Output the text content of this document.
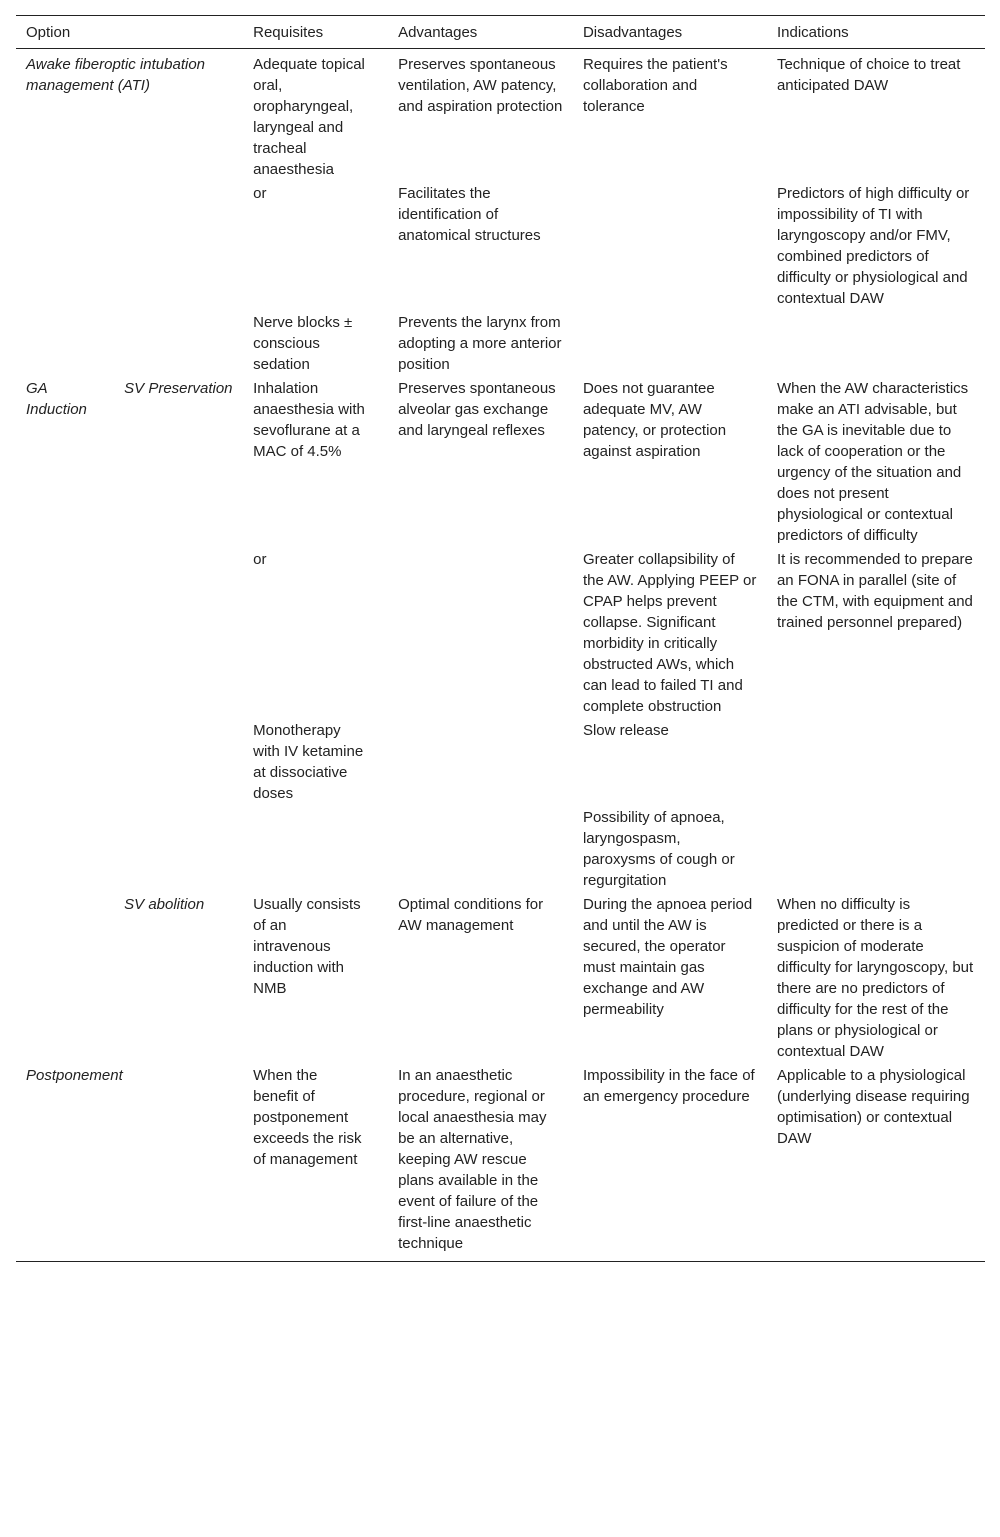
Option		Requisites	Advantages	Disadvantages	Indications
Awake fiberoptic intubation management (ATI)		Adequate topical oral, oropharyngeal, laryngeal and tracheal anaesthesia	Preserves spontaneous ventilation, AW patency, and aspiration protection	Requires the patient's collaboration and tolerance	Technique of choice to treat anticipated DAW
		or	Facilitates the identification of anatomical structures		Predictors of high difficulty or impossibility of TI with laryngoscopy and/or FMV, combined predictors of difficulty or physiological and contextual DAW
		Nerve blocks ± conscious sedation	Prevents the larynx from adopting a more anterior position		
GA Induction	SV Preservation	Inhalation anaesthesia with sevoflurane at a MAC of 4.5%	Preserves spontaneous alveolar gas exchange and laryngeal reflexes	Does not guarantee adequate MV, AW patency, or protection against aspiration	When the AW characteristics make an ATI advisable, but the GA is inevitable due to lack of cooperation or the urgency of the situation and does not present physiological or contextual predictors of difficulty
		or		Greater collapsibility of the AW. Applying PEEP or CPAP helps prevent collapse. Significant morbidity in critically obstructed AWs, which can lead to failed TI and complete obstruction	It is recommended to prepare an FONA in parallel (site of the CTM, with equipment and trained personnel prepared)
		Monotherapy with IV ketamine at dissociative doses		Slow release	
				Possibility of apnoea, laryngospasm, paroxysms of cough or regurgitation	
	SV abolition	Usually consists of an intravenous induction with NMB	Optimal conditions for AW management	During the apnoea period and until the AW is secured, the operator must maintain gas exchange and AW permeability	When no difficulty is predicted or there is a suspicion of moderate difficulty for laryngoscopy, but there are no predictors of difficulty for the rest of the plans or physiological or contextual DAW
Postponement		When the benefit of postponement exceeds the risk of management	In an anaesthetic procedure, regional or local anaesthesia may be an alternative, keeping AW rescue plans available in the event of failure of the first-line anaesthetic technique	Impossibility in the face of an emergency procedure	Applicable to a physiological (underlying disease requiring optimisation) or contextual DAW
